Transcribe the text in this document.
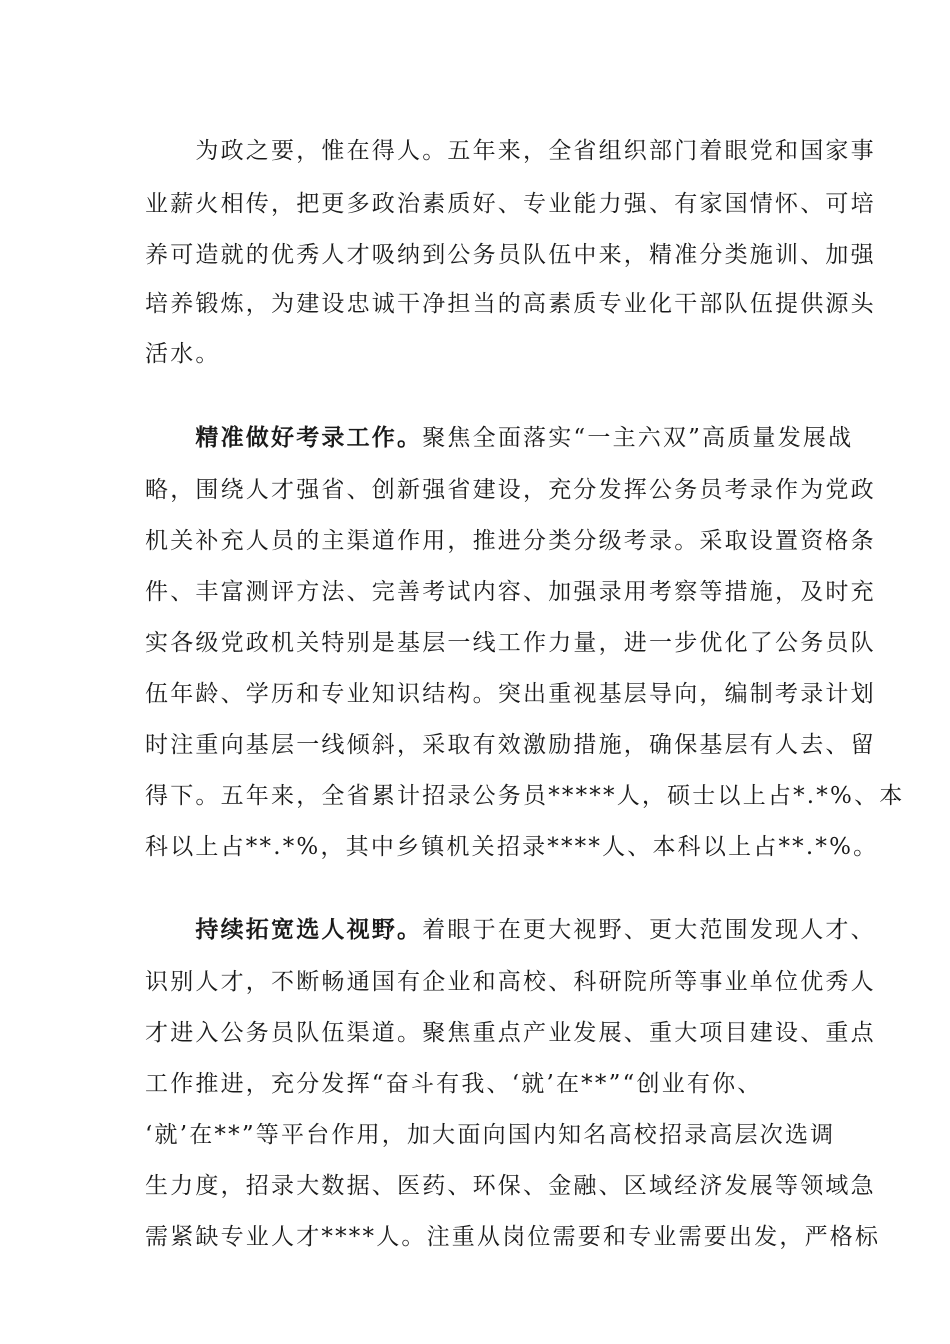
　　为政之要，惟在得人。五年来，全省组织部门着眼党和国家事
业薪火相传，把更多政治素质好、专业能力强、有家国情怀、可培
养可造就的优秀人才吸纳到公务员队伍中来，精准分类施训、加强
培养锻炼，为建设忠诚干净担当的高素质专业化干部队伍提供源头
活水。
　　精准做好考录工作。聚焦全面落实“一主六双”高质量发展战
略，围绕人才强省、创新强省建设，充分发挥公务员考录作为党政
机关补充人员的主渠道作用，推进分类分级考录。采取设置资格条
件、丰富测评方法、完善考试内容、加强录用考察等措施，及时充
实各级党政机关特别是基层一线工作力量，进一步优化了公务员队
伍年龄、学历和专业知识结构。突出重视基层导向，编制考录计划
时注重向基层一线倾斜，采取有效激励措施，确保基层有人去、留
得下。五年来，全省累计招录公务员*****人，硕士以上占*.*%、本
科以上占**.*%，其中乡镇机关招录****人、本科以上占**.*%。
　　持续拓宽选人视野。着眼于在更大视野、更大范围发现人才、
识别人才，不断畅通国有企业和高校、科研院所等事业单位优秀人
才进入公务员队伍渠道。聚焦重点产业发展、重大项目建设、重点
工作推进，充分发挥“奋斗有我、‘就’在**”“创业有你、
‘就’在**”等平台作用，加大面向国内知名高校招录高层次选调
生力度，招录大数据、医药、环保、金融、区域经济发展等领域急
需紧缺专业人才****人。注重从岗位需要和专业需要出发，严格标
